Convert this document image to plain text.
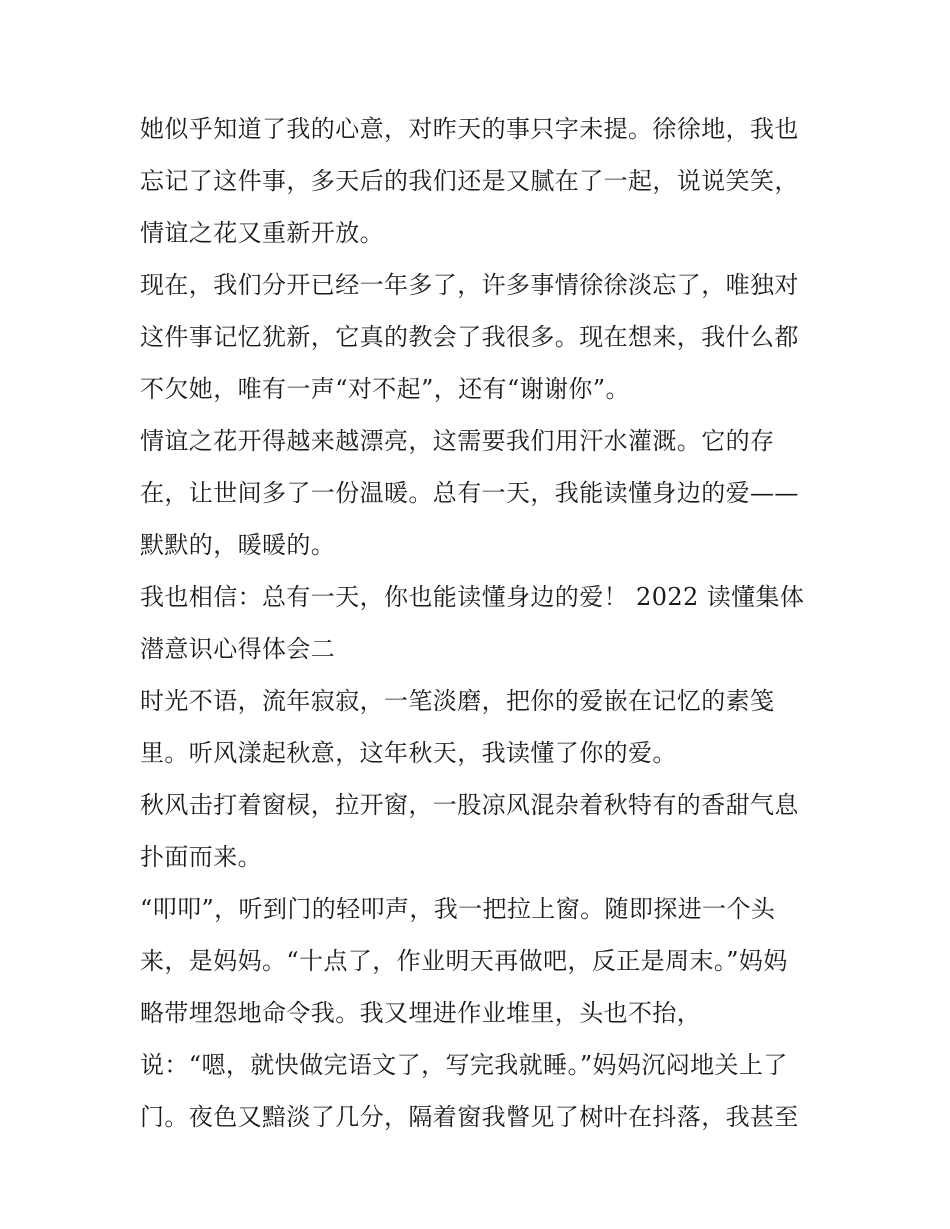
她似乎知道了我的心意，对昨天的事只字未提。徐徐地，我也
忘记了这件事，多天后的我们还是又腻在了一起，说说笑笑，
情谊之花又重新开放。
现在，我们分开已经一年多了，许多事情徐徐淡忘了，唯独对
这件事记忆犹新，它真的教会了我很多。现在想来，我什么都
不欠她，唯有一声“对不起”，还有“谢谢你”。
情谊之花开得越来越漂亮，这需要我们用汗水灌溉。它的存
在，让世间多了一份温暖。总有一天，我能读懂身边的爱——
默默的，暖暖的。
我也相信：总有一天，你也能读懂身边的爱！ 2022 读懂集体
潜意识心得体会二
时光不语，流年寂寂，一笔淡磨，把你的爱嵌在记忆的素笺
里。听风漾起秋意，这年秋天，我读懂了你的爱。
秋风击打着窗棂，拉开窗，一股凉风混杂着秋特有的香甜气息
扑面而来。
“叩叩”，听到门的轻叩声，我一把拉上窗。随即探进一个头
来，是妈妈。“十点了，作业明天再做吧，反正是周末。”妈妈
略带埋怨地命令我。我又埋进作业堆里，头也不抬，
说：“嗯，就快做完语文了，写完我就睡。”妈妈沉闷地关上了
门。夜色又黯淡了几分，隔着窗我瞥见了树叶在抖落，我甚至
